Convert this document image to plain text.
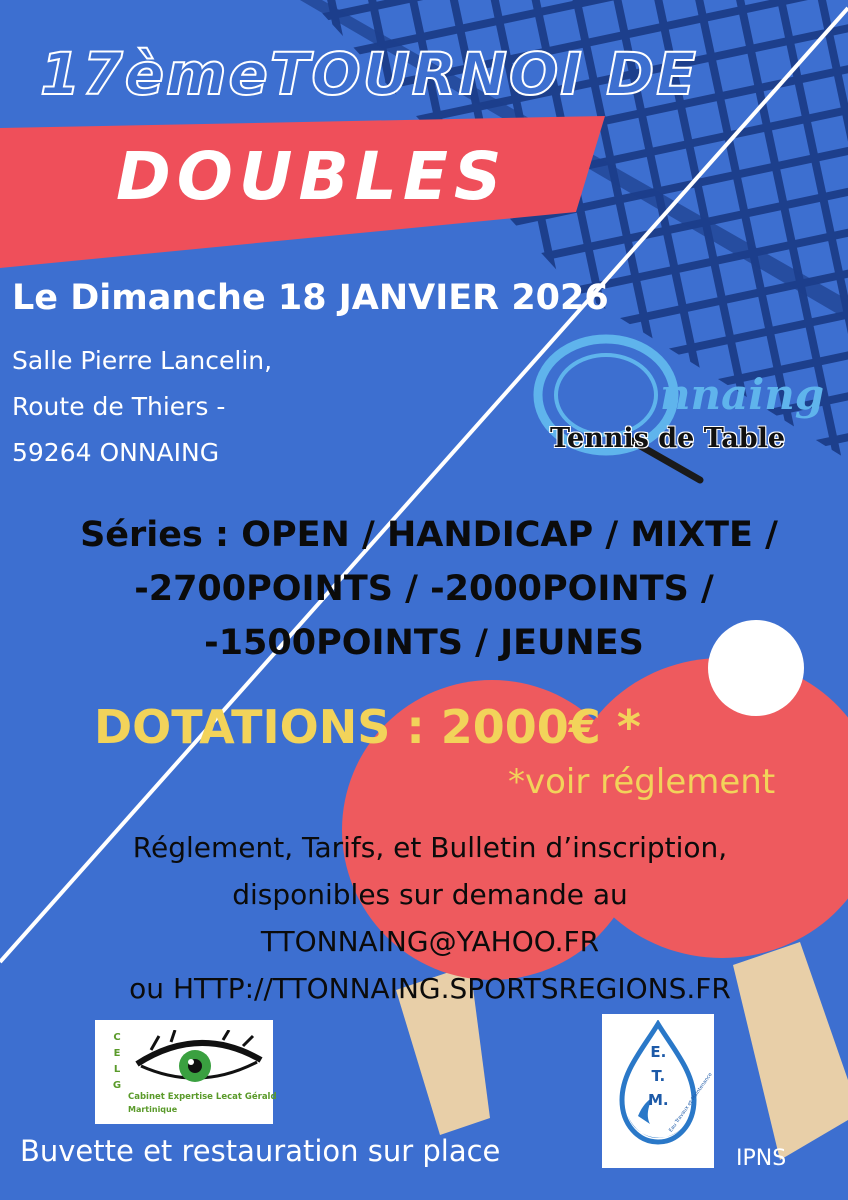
17èmeTOURNOI DE
DOUBLES
Le Dimanche 18 JANVIER 2026
Salle Pierre Lancelin,
Route de Thiers -
59264 ONNAING
nnaing
Tennis de Table
Séries : OPEN / HANDICAP / MIXTE /
-2700POINTS / -2000POINTS /
-1500POINTS / JEUNES
DOTATIONS : 2000€ *
*voir réglement
Réglement, Tarifs, et Bulletin d’inscription,
disponibles sur demande au
TTONNAING@YAHOO.FR
ou HTTP://TTONNAING.SPORTSREGIONS.FR
C
E
L
G
Cabinet Expertise Lecat Gérald
Martinique
E.
T.
M. Eau Travaux et Maintenance
Buvette et restauration sur place	IPNS
